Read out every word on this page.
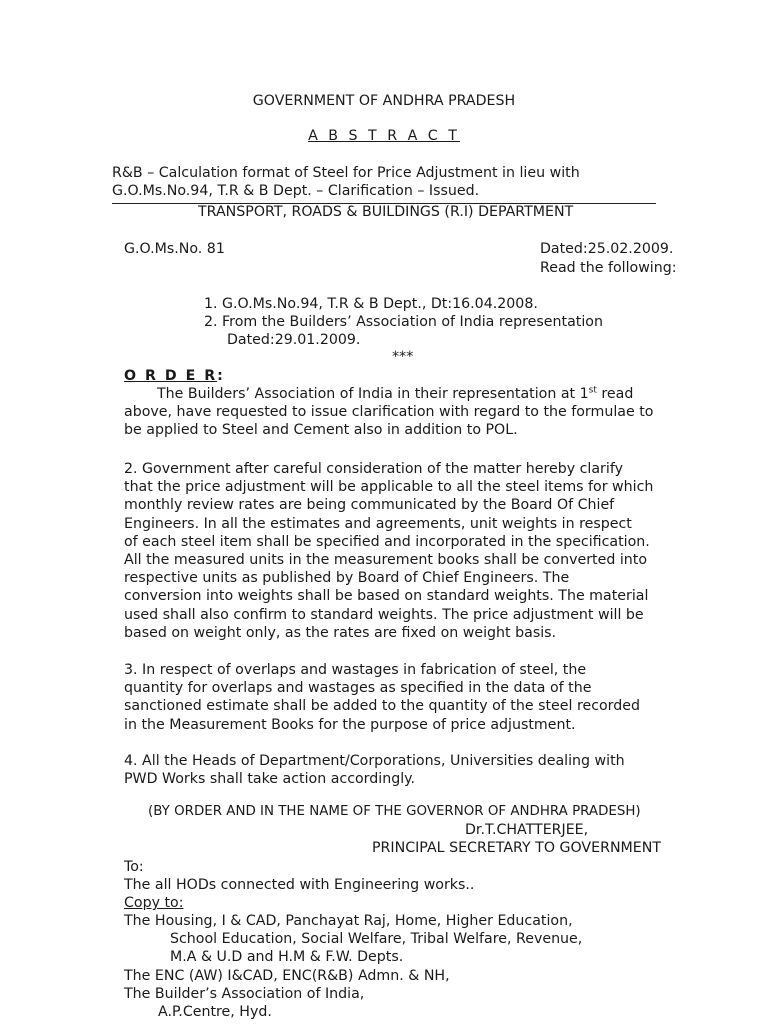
GOVERNMENT OF ANDHRA PRADESH
A B S T R A C T
R&B – Calculation format of Steel for Price Adjustment in lieu with
G.O.Ms.No.94, T.R & B Dept. – Clarification – Issued.
TRANSPORT, ROADS & BUILDINGS (R.I) DEPARTMENT
G.O.Ms.No. 81	Dated:25.02.2009.
Read the following:
1. G.O.Ms.No.94, T.R & B Dept., Dt:16.04.2008.
2. From the Builders’ Association of India representation
Dated:29.01.2009.
***
O R D E R:
The Builders’ Association of India in their representation at 1st read
above, have requested to issue clarification with regard to the formulae to
be applied to Steel and Cement also in addition to POL.
2. Government after careful consideration of the matter hereby clarify
that the price adjustment will be applicable to all the steel items for which
monthly review rates are being communicated by the Board Of Chief
Engineers. In all the estimates and agreements, unit weights in respect
of each steel item shall be specified and incorporated in the specification.
All the measured units in the measurement books shall be converted into
respective units as published by Board of Chief Engineers. The
conversion into weights shall be based on standard weights. The material
used shall also confirm to standard weights. The price adjustment will be
based on weight only, as the rates are fixed on weight basis.
3. In respect of overlaps and wastages in fabrication of steel, the
quantity for overlaps and wastages as specified in the data of the
sanctioned estimate shall be added to the quantity of the steel recorded
in the Measurement Books for the purpose of price adjustment.
4. All the Heads of Department/Corporations, Universities dealing with
PWD Works shall take action accordingly.
(BY ORDER AND IN THE NAME OF THE GOVERNOR OF ANDHRA PRADESH)
Dr.T.CHATTERJEE,
PRINCIPAL SECRETARY TO GOVERNMENT
To:
The all HODs connected with Engineering works..
Copy to:
The Housing, I & CAD, Panchayat Raj, Home, Higher Education,
School Education, Social Welfare, Tribal Welfare, Revenue,
M.A & U.D and H.M & F.W. Depts.
The ENC (AW) I&CAD, ENC(R&B) Admn. & NH,
The Builder’s Association of India,
A.P.Centre, Hyd.
